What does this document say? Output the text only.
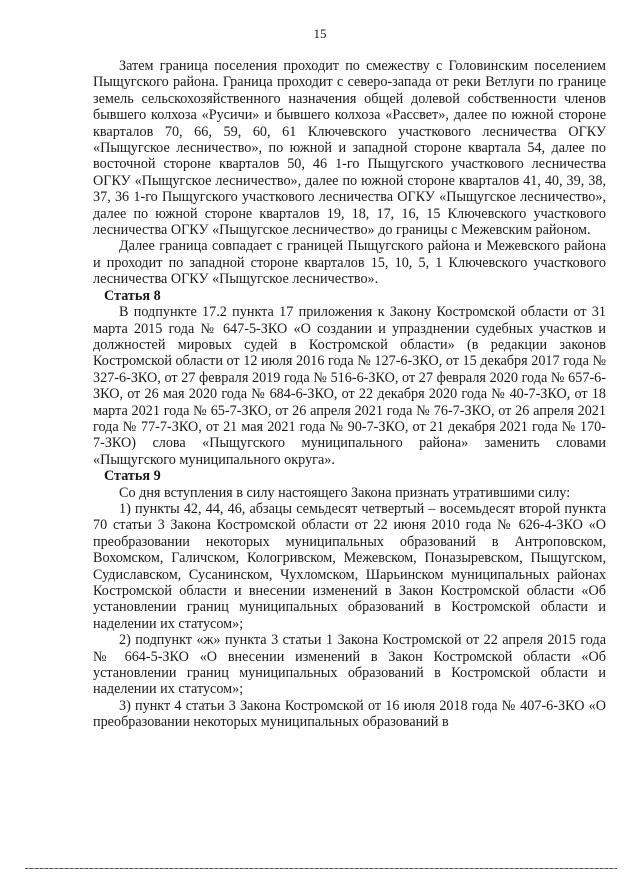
15

Затем граница поселения проходит по смежеству с Головинским поселением Пыщугского района. Граница проходит с северо-запада от реки Ветлуги по границе земель сельскохозяйственного назначения общей долевой собственности членов бывшего колхоза «Русичи» и бывшего колхоза «Рассвет», далее по южной стороне кварталов 70, 66, 59, 60, 61 Ключевского участкового лесничества ОГКУ «Пыщугское лесничество», по южной и западной стороне квартала 54, далее по восточной стороне кварталов 50, 46 1-го Пыщугского участкового лесничества ОГКУ «Пыщугское лесничество», далее по южной стороне кварталов 41, 40, 39, 38, 37, 36 1-го Пыщугского участкового лесничества ОГКУ «Пыщугское лесничество», далее по южной стороне кварталов 19, 18, 17, 16, 15 Ключевского участкового лесничества ОГКУ «Пыщугское лесничество» до границы с Межевским районом.

Далее граница совпадает с границей Пыщугского района и Межевского района и проходит по западной стороне кварталов 15, 10, 5, 1 Ключевского участкового лесничества ОГКУ «Пыщугское лесничество».

Статья 8

В подпункте 17.2 пункта 17 приложения к Закону Костромской области от 31 марта 2015 года № 647-5-ЗКО «О создании и упразднении судебных участков и должностей мировых судей в Костромской области» (в редакции законов Костромской области от 12 июля 2016 года № 127-6-ЗКО, от 15 декабря 2017 года № 327-6-ЗКО, от 27 февраля 2019 года № 516-6-ЗКО, от 27 февраля 2020 года № 657-6-ЗКО, от 26 мая 2020 года № 684-6-ЗКО, от 22 декабря 2020 года № 40-7-ЗКО, от 18 марта 2021 года № 65-7-ЗКО, от 26 апреля 2021 года № 76-7-ЗКО, от 26 апреля 2021 года № 77-7-ЗКО, от 21 мая 2021 года № 90-7-ЗКО, от 21 декабря 2021 года № 170-7-ЗКО) слова «Пыщугского муниципального района» заменить словами «Пыщугского муниципального округа».

Статья 9

Со дня вступления в силу настоящего Закона признать утратившими силу:

1) пункты 42, 44, 46, абзацы семьдесят четвертый – восемьдесят второй пункта 70 статьи 3 Закона Костромской области от 22 июня 2010 года № 626-4-ЗКО «О преобразовании некоторых муниципальных образований в Антроповском, Вохомском, Галичском, Кологривском, Межевском, Поназыревском, Пыщугском, Судиславском, Сусанинском, Чухломском, Шарьинском муниципальных районах Костромской области и внесении изменений в Закон Костромской области «Об установлении границ муниципальных образований в Костромской области и наделении их статусом»;

2) подпункт «ж» пункта 3 статьи 1 Закона Костромской от 22 апреля 2015 года № 664-5-ЗКО «О внесении изменений в Закон Костромской области «Об установлении границ муниципальных образований в Костромской области и наделении их статусом»;

3) пункт 4 статьи 3 Закона Костромской от 16 июля 2018 года № 407-6-ЗКО «О преобразовании некоторых муниципальных образований в
